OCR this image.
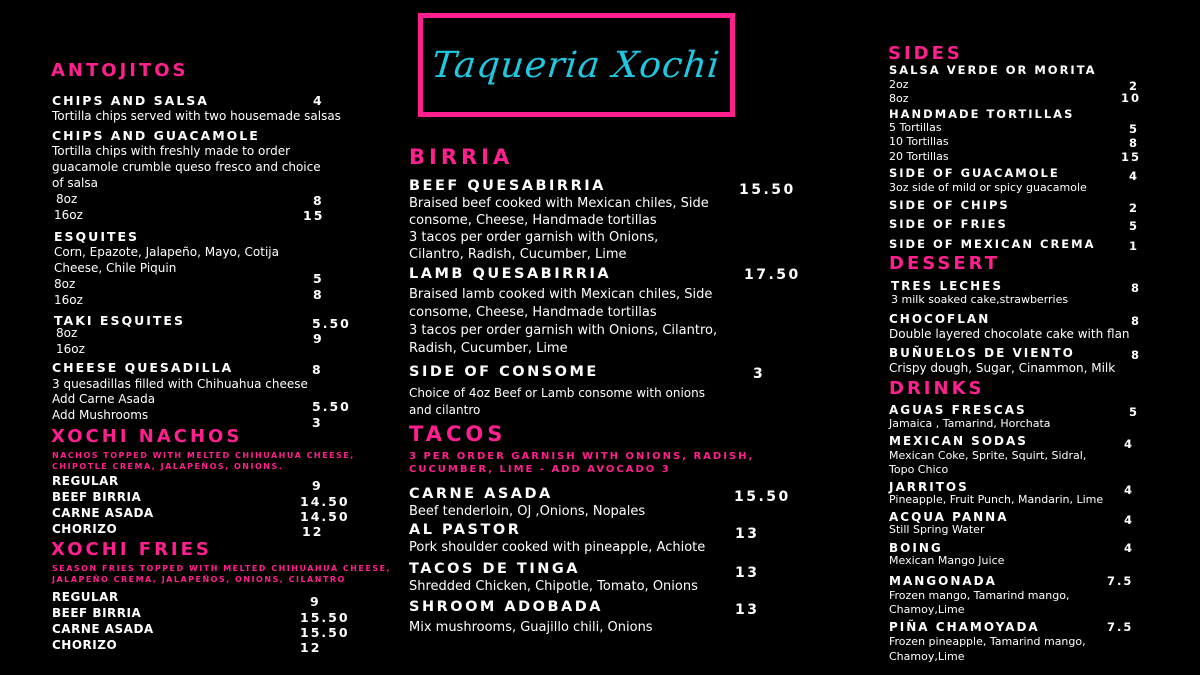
Taqueria Xochi
ANTOJITOS
CHIPS AND SALSA	4
Tortilla chips served with two housemade salsas
CHIPS AND GUACAMOLE
Tortilla chips with freshly made to order
guacamole crumble queso fresco and choice
of salsa
8oz	8
16oz	15
ESQUITES
Corn, Epazote, Jalapeño, Mayo, Cotija
Cheese, Chile Piquin
8oz	5
16oz	8
TAKI ESQUITES	5.50
8oz	9
16oz
CHEESE QUESADILLA	8
3 quesadillas filled with Chihuahua cheese
Add Carne Asada	5.50
Add Mushrooms	3
XOCHI NACHOS
NACHOS TOPPED WITH MELTED CHIHUAHUA CHEESE,
CHIPOTLE CREMA, JALAPEÑOS, ONIONS.
REGULAR	9
BEEF BIRRIA	14.50
CARNE ASADA	14.50
CHORIZO	12
XOCHI FRIES
SEASON FRIES TOPPED WITH MELTED CHIHUAHUA CHEESE,
JALAPEÑO CREMA, JALAPEÑOS, ONIONS, CILANTRO
REGULAR	9
BEEF BIRRIA	15.50
CARNE ASADA	15.50
CHORIZO	12
BIRRIA
BEEF QUESABIRRIA	15.50
Braised beef cooked with Mexican chiles, Side
consome, Cheese, Handmade tortillas
3 tacos per order garnish with Onions,
Cilantro, Radish, Cucumber, Lime
LAMB QUESABIRRIA	17.50
Braised lamb cooked with Mexican chiles, Side
consome, Cheese, Handmade tortillas
3 tacos per order garnish with Onions, Cilantro,
Radish, Cucumber, Lime
SIDE OF CONSOME	3
Choice of 4oz Beef or Lamb consome with onions
and cilantro
TACOS
3 PER ORDER GARNISH WITH ONIONS, RADISH,
CUCUMBER, LIME - ADD AVOCADO 3
CARNE ASADA	15.50
Beef tenderloin, OJ ,Onions, Nopales
AL PASTOR	13
Pork shoulder cooked with pineapple, Achiote
TACOS DE TINGA	13
Shredded Chicken, Chipotle, Tomato, Onions
SHROOM ADOBADA	13
Mix mushrooms, Guajillo chili, Onions
SIDES
SALSA VERDE OR MORITA
2oz	2
8oz	10
HANDMADE TORTILLAS
5 Tortillas	5
10 Tortillas	8
20 Tortillas	15
SIDE OF GUACAMOLE	4
3oz side of mild or spicy guacamole
SIDE OF CHIPS	2
SIDE OF FRIES	5
SIDE OF MEXICAN CREMA	1
DESSERT
TRES LECHES	8
3 milk soaked cake,strawberries
CHOCOFLAN	8
Double layered chocolate cake with flan
BUÑUELOS DE VIENTO	8
Crispy dough, Sugar, Cinammon, Milk
DRINKS
AGUAS FRESCAS	5
Jamaica , Tamarind, Horchata
MEXICAN SODAS	4
Mexican Coke, Sprite, Squirt, Sidral,
Topo Chico
JARRITOS	4
Pineapple, Fruit Punch, Mandarin, Lime
ACQUA PANNA	4
Still Spring Water
BOING	4
Mexican Mango Juice
MANGONADA	7.5
Frozen mango, Tamarind mango,
Chamoy,Lime
PIÑA CHAMOYADA	7.5
Frozen pineapple, Tamarind mango,
Chamoy,Lime
